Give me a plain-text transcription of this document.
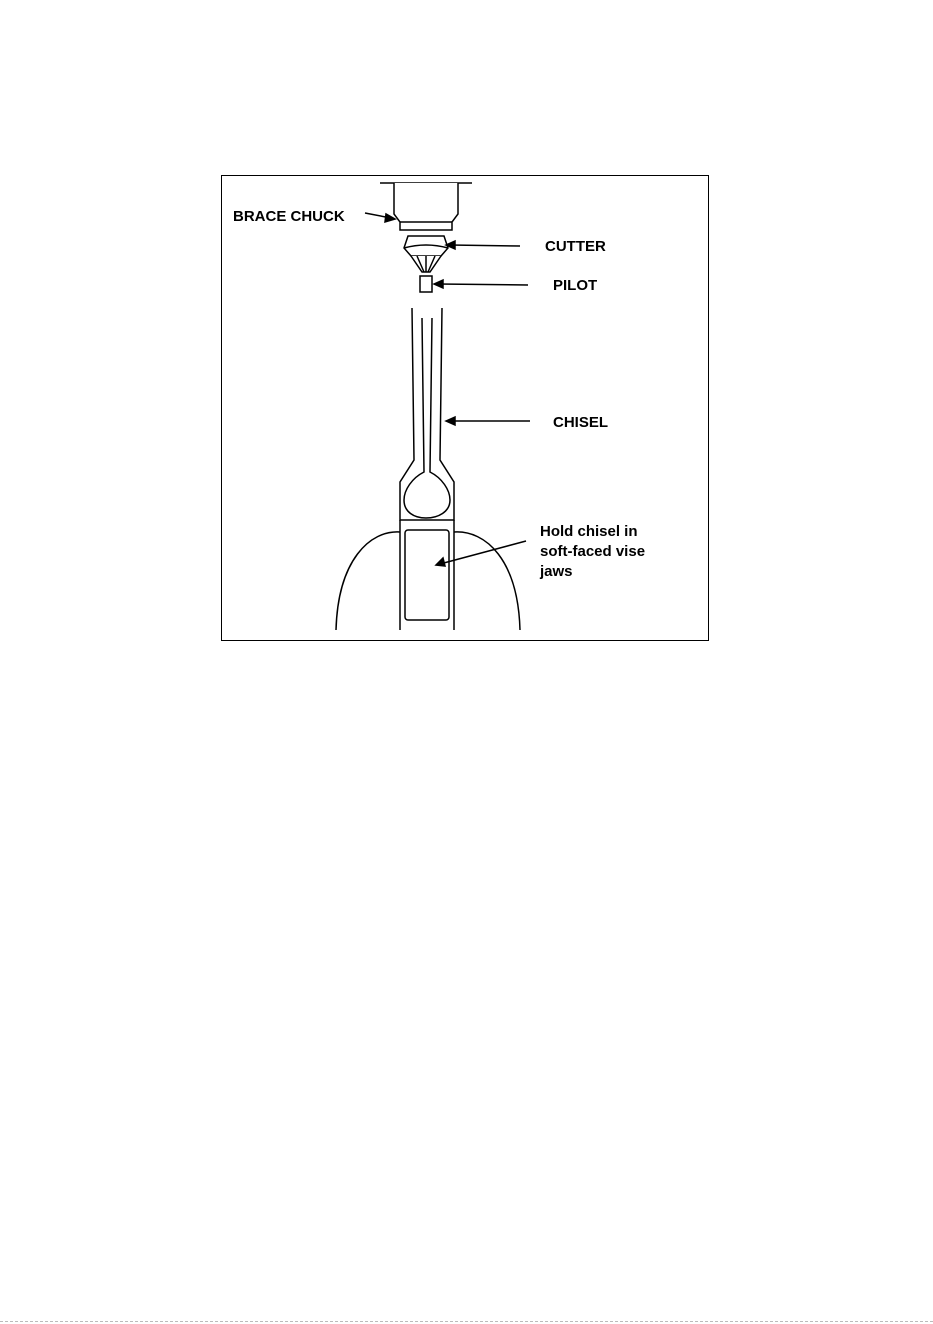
BRACE CHUCK
CUTTER
PILOT
CHISEL
Hold chisel in
soft-faced vise
jaws
